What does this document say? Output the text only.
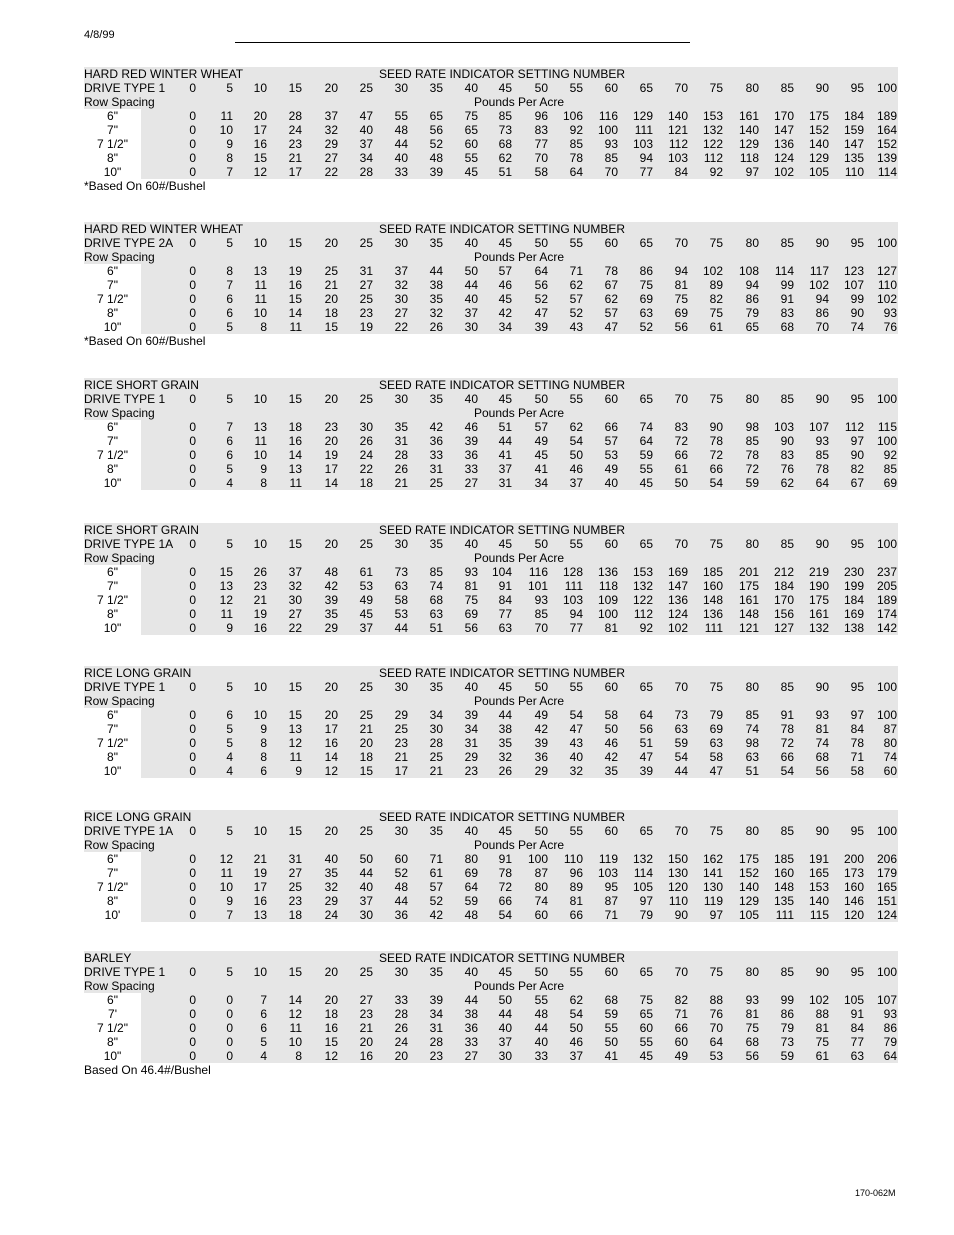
4/8/99
HARD RED WINTER WHEAT	SEED RATE INDICATOR SETTING NUMBER
DRIVE TYPE 1	0	5	10	15	20	25	30	35	40	45	50	55	60	65	70	75	80	85	90	95	100
Row Spacing	Pounds Per Acre
6"	0	11	20	28	37	47	55	65	75	85	96	106	116	129	140	153	161	170	175	184	189
7"	0	10	17	24	32	40	48	56	65	73	83	92	100	111	121	132	140	147	152	159	164
7 1/2"	0	9	16	23	29	37	44	52	60	68	77	85	93	103	112	122	129	136	140	147	152
8"	0	8	15	21	27	34	40	48	55	62	70	78	85	94	103	112	118	124	129	135	139
10"	0	7	12	17	22	28	33	39	45	51	58	64	70	77	84	92	97	102	105	110	114
*Based On 60#/Bushel
HARD RED WINTER WHEAT	SEED RATE INDICATOR SETTING NUMBER
DRIVE TYPE 2A	0	5	10	15	20	25	30	35	40	45	50	55	60	65	70	75	80	85	90	95	100
Row Spacing	Pounds Per Acre
6"	0	8	13	19	25	31	37	44	50	57	64	71	78	86	94	102	108	114	117	123	127
7"	0	7	11	16	21	27	32	38	44	46	56	62	67	75	81	89	94	99	102	107	110
7 1/2"	0	6	11	15	20	25	30	35	40	45	52	57	62	69	75	82	86	91	94	99	102
8"	0	6	10	14	18	23	27	32	37	42	47	52	57	63	69	75	79	83	86	90	93
10"	0	5	8	11	15	19	22	26	30	34	39	43	47	52	56	61	65	68	70	74	76
*Based On 60#/Bushel
RICE SHORT GRAIN	SEED RATE INDICATOR SETTING NUMBER
DRIVE TYPE 1	0	5	10	15	20	25	30	35	40	45	50	55	60	65	70	75	80	85	90	95	100
Row Spacing	Pounds Per Acre
6"	0	7	13	18	23	30	35	42	46	51	57	62	66	74	83	90	98	103	107	112	115
7"	0	6	11	16	20	26	31	36	39	44	49	54	57	64	72	78	85	90	93	97	100
7 1/2"	0	6	10	14	19	24	28	33	36	41	45	50	53	59	66	72	78	83	85	90	92
8"	0	5	9	13	17	22	26	31	33	37	41	46	49	55	61	66	72	76	78	82	85
10"	0	4	8	11	14	18	21	25	27	31	34	37	40	45	50	54	59	62	64	67	69
RICE SHORT GRAIN	SEED RATE INDICATOR SETTING NUMBER
DRIVE TYPE 1A	0	5	10	15	20	25	30	35	40	45	50	55	60	65	70	75	80	85	90	95	100
Row Spacing	Pounds Per Acre
6"	0	15	26	37	48	61	73	85	93	104	116	128	136	153	169	185	201	212	219	230	237
7"	0	13	23	32	42	53	63	74	81	91	101	111	118	132	147	160	175	184	190	199	205
7 1/2"	0	12	21	30	39	49	58	68	75	84	93	103	109	122	136	148	161	170	175	184	189
8"	0	11	19	27	35	45	53	63	69	77	85	94	100	112	124	136	148	156	161	169	174
10"	0	9	16	22	29	37	44	51	56	63	70	77	81	92	102	111	121	127	132	138	142
RICE LONG GRAIN	SEED RATE INDICATOR SETTING NUMBER
DRIVE TYPE 1	0	5	10	15	20	25	30	35	40	45	50	55	60	65	70	75	80	85	90	95	100
Row Spacing	Pounds Per Acre
6"	0	6	10	15	20	25	29	34	39	44	49	54	58	64	73	79	85	91	93	97	100
7"	0	5	9	13	17	21	25	30	34	38	42	47	50	56	63	69	74	78	81	84	87
7 1/2"	0	5	8	12	16	20	23	28	31	35	39	43	46	51	59	63	98	72	74	78	80
8"	0	4	8	11	14	18	21	25	29	32	36	40	42	47	54	58	63	66	68	71	74
10"	0	4	6	9	12	15	17	21	23	26	29	32	35	39	44	47	51	54	56	58	60
RICE LONG GRAIN	SEED RATE INDICATOR SETTING NUMBER
DRIVE TYPE 1A	0	5	10	15	20	25	30	35	40	45	50	55	60	65	70	75	80	85	90	95	100
Row Spacing	Pounds Per Acre
6"	0	12	21	31	40	50	60	71	80	91	100	110	119	132	150	162	175	185	191	200	206
7"	0	11	19	27	35	44	52	61	69	78	87	96	103	114	130	141	152	160	165	173	179
7 1/2"	0	10	17	25	32	40	48	57	64	72	80	89	95	105	120	130	140	148	153	160	165
8"	0	9	16	23	29	37	44	52	59	66	74	81	87	97	110	119	129	135	140	146	151
10'	0	7	13	18	24	30	36	42	48	54	60	66	71	79	90	97	105	111	115	120	124
BARLEY	SEED RATE INDICATOR SETTING NUMBER
DRIVE TYPE 1	0	5	10	15	20	25	30	35	40	45	50	55	60	65	70	75	80	85	90	95	100
Row Spacing	Pounds Per Acre
6"	0	0	7	14	20	27	33	39	44	50	55	62	68	75	82	88	93	99	102	105	107
7'	0	0	6	12	18	23	28	34	38	44	48	54	59	65	71	76	81	86	88	91	93
7 1/2"	0	0	6	11	16	21	26	31	36	40	44	50	55	60	66	70	75	79	81	84	86
8"	0	0	5	10	15	20	24	28	33	37	40	46	50	55	60	64	68	73	75	77	79
10"	0	0	4	8	12	16	20	23	27	30	33	37	41	45	49	53	56	59	61	63	64
Based On 46.4#/Bushel
170-062M
